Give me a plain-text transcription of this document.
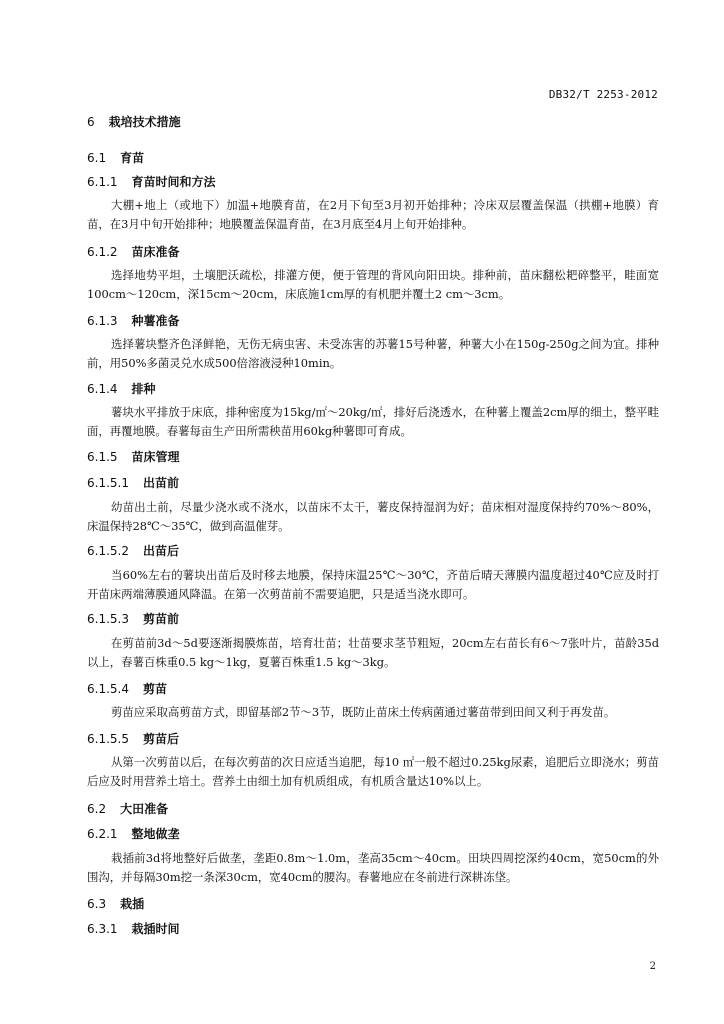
DB32/T 2253-2012
6 栽培技术措施
6.1 育苗
6.1.1 育苗时间和方法
大棚+地上（或地下）加温+地膜育苗，在2月下旬至3月初开始排种；冷床双层覆盖保温（拱棚+地膜）育苗，在3月中旬开始排种；地膜覆盖保温育苗，在3月底至4月上旬开始排种。
6.1.2 苗床准备
选择地势平坦，土壤肥沃疏松，排灌方便，便于管理的背风向阳田块。排种前，苗床翻松耙碎整平，畦面宽100cm～120cm，深15cm～20cm，床底施1cm厚的有机肥并覆土2 cm～3cm。
6.1.3 种薯准备
选择薯块整齐色泽鲜艳，无伤无病虫害、未受冻害的苏薯15号种薯，种薯大小在150g-250g之间为宜。排种前，用50%多菌灵兑水成500倍溶液浸种10min。
6.1.4 排种
薯块水平排放于床底，排种密度为15kg/㎡～20kg/㎡，排好后浇透水，在种薯上覆盖2cm厚的细土，整平畦面，再覆地膜。春薯每亩生产田所需秧苗用60kg种薯即可育成。
6.1.5 苗床管理
6.1.5.1 出苗前
幼苗出土前，尽量少浇水或不浇水，以苗床不太干，薯皮保持湿润为好；苗床相对湿度保持约70%～80%，床温保持28℃～35℃，做到高温催芽。
6.1.5.2 出苗后
当60%左右的薯块出苗后及时移去地膜，保持床温25℃～30℃，齐苗后晴天薄膜内温度超过40℃应及时打开苗床两端薄膜通风降温。在第一次剪苗前不需要追肥，只是适当浇水即可。
6.1.5.3 剪苗前
在剪苗前3d～5d要逐渐揭膜炼苗，培育壮苗；壮苗要求茎节粗短，20cm左右苗长有6～7张叶片，苗龄35d以上，春薯百株重0.5 kg～1kg，夏薯百株重1.5 kg～3kg。
6.1.5.4 剪苗
剪苗应采取高剪苗方式，即留基部2节～3节，既防止苗床土传病菌通过薯苗带到田间又利于再发苗。
6.1.5.5 剪苗后
从第一次剪苗以后，在每次剪苗的次日应适当追肥，每10 ㎡一般不超过0.25kg尿素，追肥后立即浇水；剪苗后应及时用营养土培土。营养土由细土加有机质组成，有机质含量达10%以上。
6.2 大田准备
6.2.1 整地做垄
栽插前3d将地整好后做垄，垄距0.8m～1.0m，垄高35cm～40cm。田块四周挖深约40cm，宽50cm的外围沟，并每隔30m挖一条深30cm，宽40cm的腰沟。春薯地应在冬前进行深耕冻垡。
6.3 栽插
6.3.1 栽插时间
2
